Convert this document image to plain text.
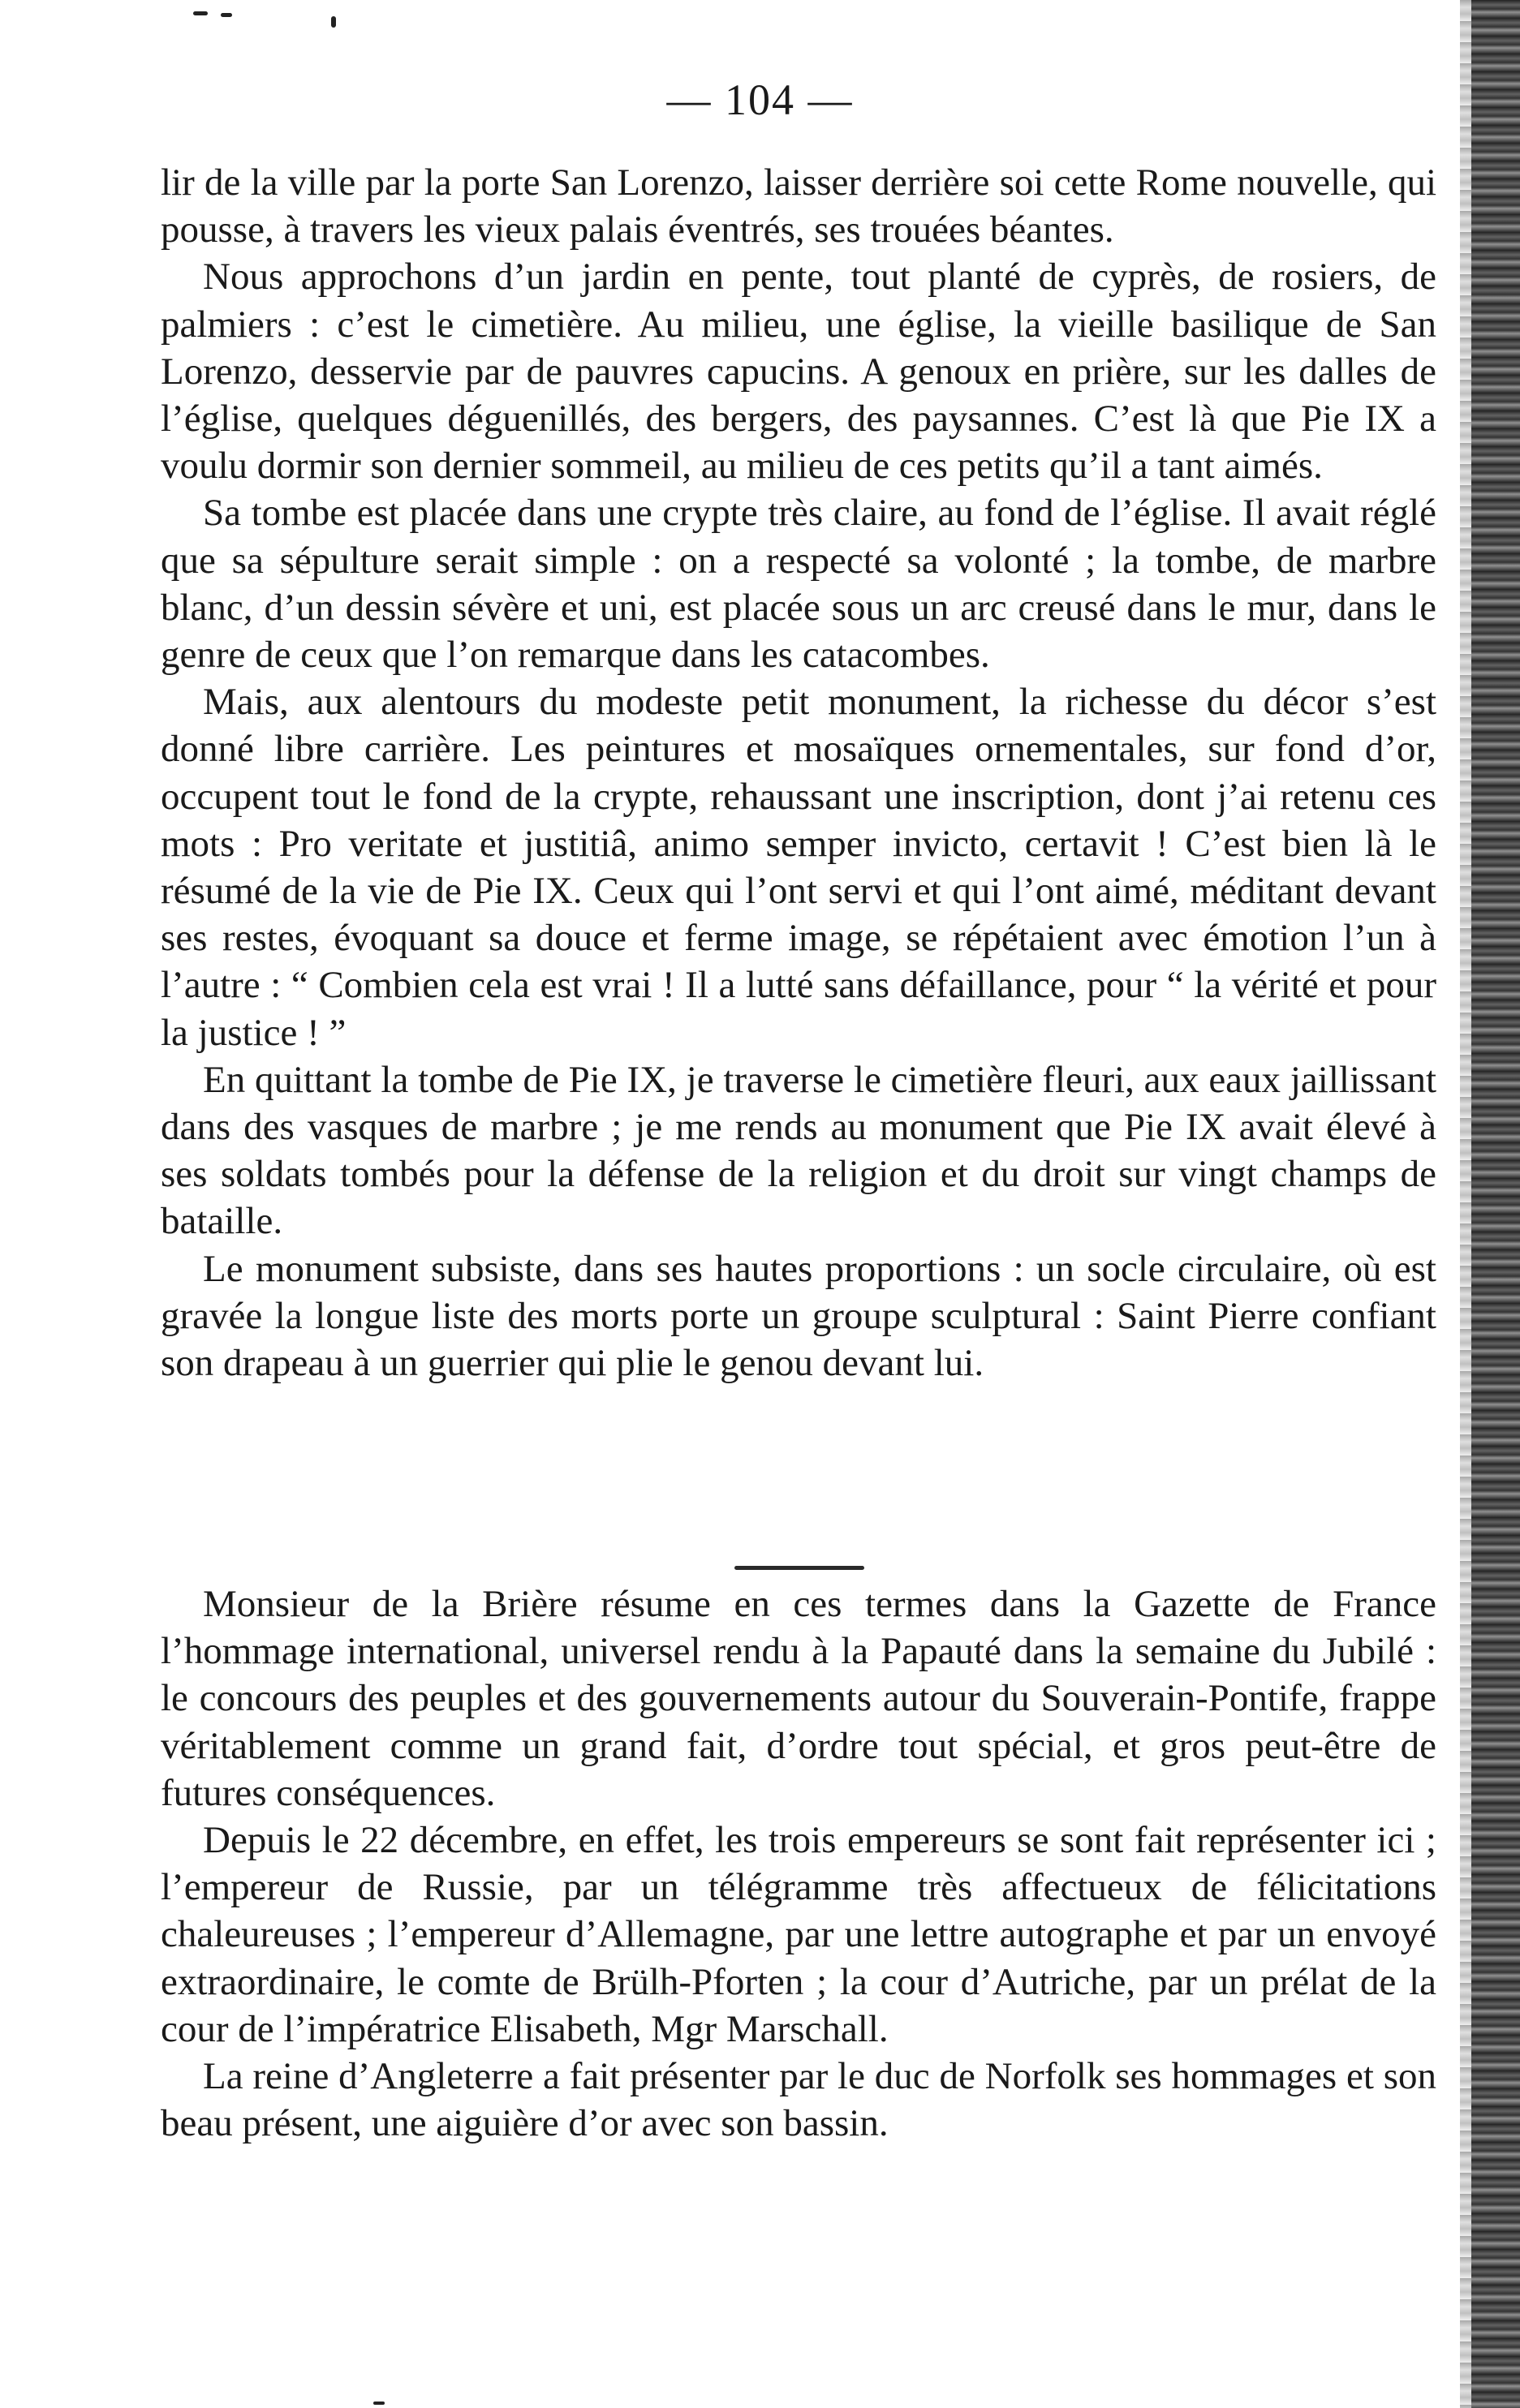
— 104 —

lir de la ville par la porte San Lorenzo, laisser derrière soi cette Rome nouvelle, qui pousse, à travers les vieux palais éventrés, ses trouées béantes.

Nous approchons d’un jardin en pente, tout planté de cyprès, de rosiers, de palmiers : c’est le cimetière. Au milieu, une église, la vieille basilique de San Lorenzo, desservie par de pauvres capucins. A genoux en prière, sur les dalles de l’église, quelques déguenillés, des bergers, des paysannes. C’est là que Pie IX a voulu dormir son dernier sommeil, au milieu de ces petits qu’il a tant aimés.

Sa tombe est placée dans une crypte très claire, au fond de l’église. Il avait réglé que sa sépulture serait simple : on a respecté sa volonté ; la tombe, de marbre blanc, d’un dessin sévère et uni, est placée sous un arc creusé dans le mur, dans le genre de ceux que l’on remarque dans les catacombes.

Mais, aux alentours du modeste petit monument, la richesse du décor s’est donné libre carrière. Les peintures et mosaïques ornementales, sur fond d’or, occupent tout le fond de la crypte, rehaussant une inscription, dont j’ai retenu ces mots : Pro veritate et justitiâ, animo semper invicto, certavit ! C’est bien là le résumé de la vie de Pie IX. Ceux qui l’ont servi et qui l’ont aimé, méditant devant ses restes, évoquant sa douce et ferme image, se répétaient avec émotion l’un à l’autre : “ Combien cela est vrai ! Il a lutté sans défaillance, pour “ la vérité et pour la justice ! ”

En quittant la tombe de Pie IX, je traverse le cimetière fleuri, aux eaux jaillissant dans des vasques de marbre ; je me rends au monument que Pie IX avait élevé à ses soldats tombés pour la défense de la religion et du droit sur vingt champs de bataille.

Le monument subsiste, dans ses hautes proportions : un socle circulaire, où est gravée la longue liste des morts porte un groupe sculptural : Saint Pierre confiant son drapeau à un guerrier qui plie le genou devant lui.

Monsieur de la Brière résume en ces termes dans la Gazette de France l’hommage international, universel rendu à la Papauté dans la semaine du Jubilé : le concours des peuples et des gouvernements autour du Souverain-Pontife, frappe véritablement comme un grand fait, d’ordre tout spécial, et gros peut-être de futures conséquences.

Depuis le 22 décembre, en effet, les trois empereurs se sont fait représenter ici ; l’empereur de Russie, par un télégramme très affectueux de félicitations chaleureuses ; l’empereur d’Allemagne, par une lettre autographe et par un envoyé extraordinaire, le comte de Brülh-Pforten ; la cour d’Autriche, par un prélat de la cour de l’impératrice Elisabeth, Mgr Marschall.

La reine d’Angleterre a fait présenter par le duc de Norfolk ses hommages et son beau présent, une aiguière d’or avec son bassin.
